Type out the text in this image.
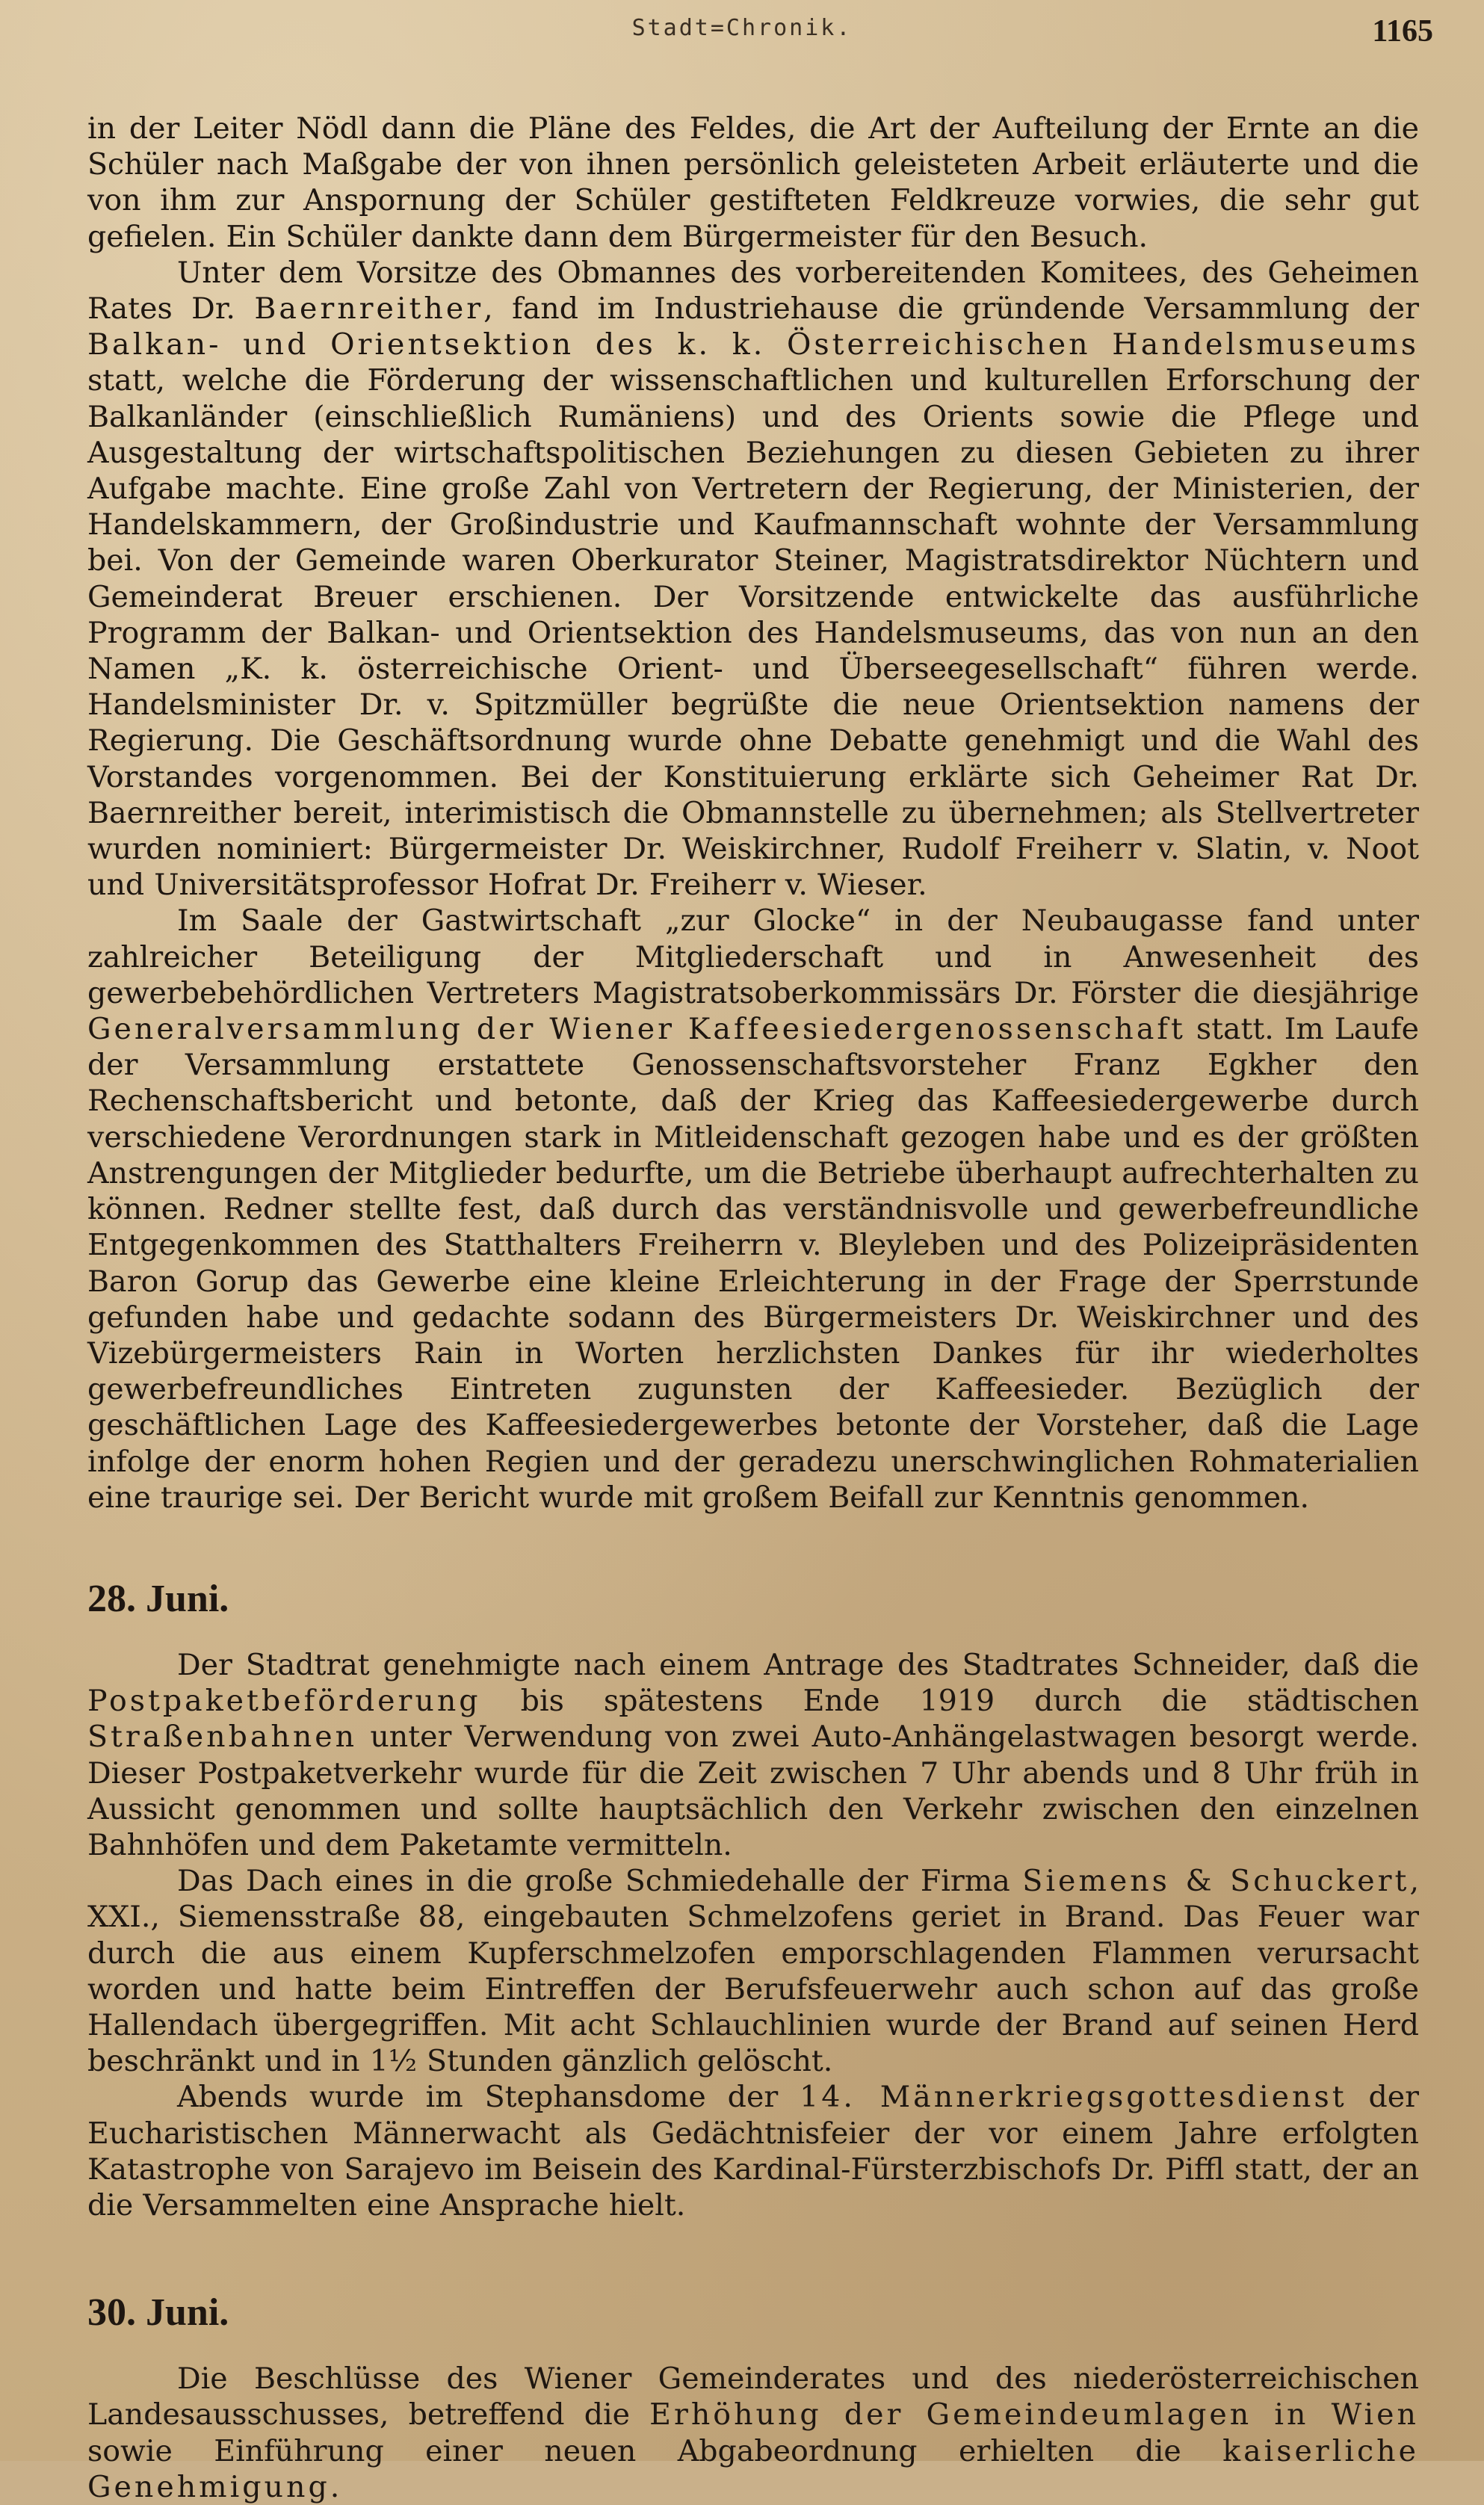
Stadt=Chronik.	1165

in der Leiter Nödl dann die Pläne des Feldes, die Art der Aufteilung der Ernte an die Schüler nach Maßgabe der von ihnen persönlich geleisteten Arbeit erläuterte und die von ihm zur Anspornung der Schüler gestifteten Feldkreuze vorwies, die sehr gut gefielen. Ein Schüler dankte dann dem Bürgermeister für den Besuch.

Unter dem Vorsitze des Obmannes des vorbereitenden Komitees, des Geheimen Rates Dr. Baernreither, fand im Industriehause die gründende Versammlung der Balkan- und Orientsektion des k. k. Österreichischen Handelsmuseums statt, welche die Förderung der wissenschaftlichen und kulturellen Erforschung der Balkanländer (einschließlich Rumäniens) und des Orients sowie die Pflege und Ausgestaltung der wirtschaftspolitischen Beziehungen zu diesen Gebieten zu ihrer Aufgabe machte. Eine große Zahl von Vertretern der Regierung, der Ministerien, der Handelskammern, der Großindustrie und Kaufmannschaft wohnte der Versammlung bei. Von der Gemeinde waren Oberkurator Steiner, Magistratsdirektor Nüchtern und Gemeinderat Breuer erschienen. Der Vorsitzende entwickelte das ausführliche Programm der Balkan- und Orientsektion des Handelsmuseums, das von nun an den Namen „K. k. österreichische Orient- und Überseegesellschaft“ führen werde. Handelsminister Dr. v. Spitzmüller begrüßte die neue Orientsektion namens der Regierung. Die Geschäftsordnung wurde ohne Debatte genehmigt und die Wahl des Vorstandes vorgenommen. Bei der Konstituierung erklärte sich Geheimer Rat Dr. Baernreither bereit, interimistisch die Obmannstelle zu übernehmen; als Stellvertreter wurden nominiert: Bürgermeister Dr. Weiskirchner, Rudolf Freiherr v. Slatin, v. Noot und Universitätsprofessor Hofrat Dr. Freiherr v. Wieser.

Im Saale der Gastwirtschaft „zur Glocke“ in der Neubaugasse fand unter zahlreicher Beteiligung der Mitgliederschaft und in Anwesenheit des gewerbebehördlichen Vertreters Magistratsoberkommissärs Dr. Förster die diesjährige Generalversammlung der Wiener Kaffeesiedergenossenschaft statt. Im Laufe der Versammlung erstattete Genossenschaftsvorsteher Franz Egkher den Rechenschaftsbericht und betonte, daß der Krieg das Kaffeesiedergewerbe durch verschiedene Verordnungen stark in Mitleidenschaft gezogen habe und es der größten Anstrengungen der Mitglieder bedurfte, um die Betriebe überhaupt aufrechterhalten zu können. Redner stellte fest, daß durch das verständnisvolle und gewerbefreundliche Entgegenkommen des Statthalters Freiherrn v. Bleyleben und des Polizeipräsidenten Baron Gorup das Gewerbe eine kleine Erleichterung in der Frage der Sperrstunde gefunden habe und gedachte sodann des Bürgermeisters Dr. Weiskirchner und des Vizebürgermeisters Rain in Worten herzlichsten Dankes für ihr wiederholtes gewerbefreundliches Eintreten zugunsten der Kaffeesieder. Bezüglich der geschäftlichen Lage des Kaffeesiedergewerbes betonte der Vorsteher, daß die Lage infolge der enorm hohen Regien und der geradezu unerschwinglichen Rohmaterialien eine traurige sei. Der Bericht wurde mit großem Beifall zur Kenntnis genommen.

28. Juni.

Der Stadtrat genehmigte nach einem Antrage des Stadtrates Schneider, daß die Postpaketbeförderung bis spätestens Ende 1919 durch die städtischen Straßenbahnen unter Verwendung von zwei Auto-Anhängelastwagen besorgt werde. Dieser Postpaketverkehr wurde für die Zeit zwischen 7 Uhr abends und 8 Uhr früh in Aussicht genommen und sollte hauptsächlich den Verkehr zwischen den einzelnen Bahnhöfen und dem Paketamte vermitteln.

Das Dach eines in die große Schmiedehalle der Firma Siemens & Schuckert, XXI., Siemensstraße 88, eingebauten Schmelzofens geriet in Brand. Das Feuer war durch die aus einem Kupferschmelzofen emporschlagenden Flammen verursacht worden und hatte beim Eintreffen der Berufsfeuerwehr auch schon auf das große Hallendach übergegriffen. Mit acht Schlauchlinien wurde der Brand auf seinen Herd beschränkt und in 1½ Stunden gänzlich gelöscht.

Abends wurde im Stephansdome der 14. Männerkriegsgottesdienst der Eucharistischen Männerwacht als Gedächtnisfeier der vor einem Jahre erfolgten Katastrophe von Sarajevo im Beisein des Kardinal-Fürsterzbischofs Dr. Piffl statt, der an die Versammelten eine Ansprache hielt.

30. Juni.

Die Beschlüsse des Wiener Gemeinderates und des niederösterreichischen Landesausschusses, betreffend die Erhöhung der Gemeindeumlagen in Wien sowie Einführung einer neuen Abgabeordnung erhielten die kaiserliche Genehmigung.
